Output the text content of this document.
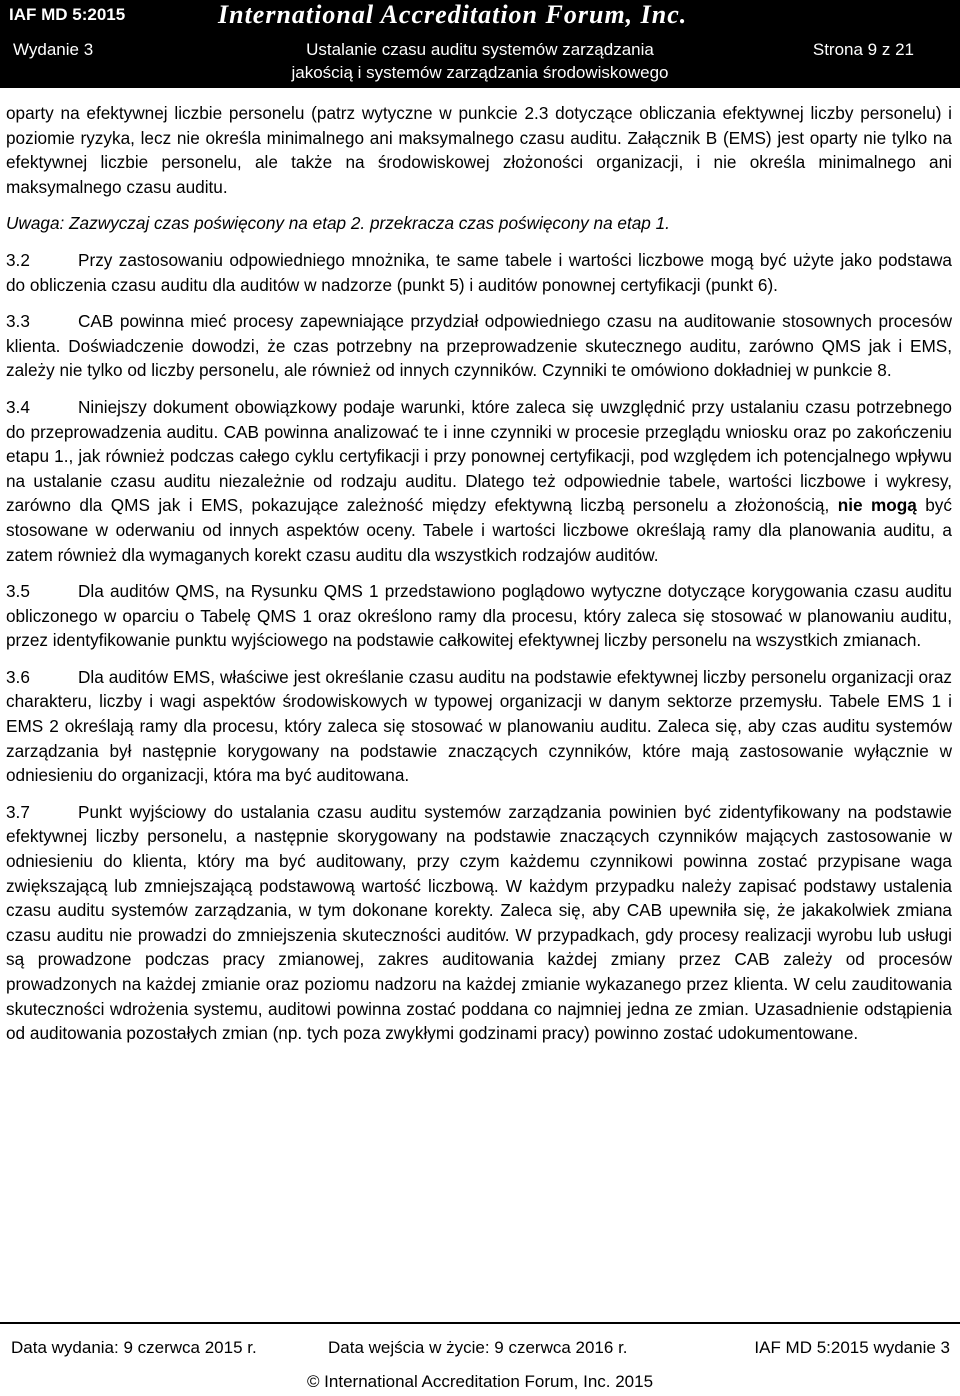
IAF MD 5:2015	International Accreditation Forum, Inc.
Wydanie 3	Ustalanie czasu auditu systemów zarządzania
jakością i systemów zarządzania środowiskowego
Strona 9 z 21

oparty na efektywnej liczbie personelu (patrz wytyczne w punkcie 2.3 dotyczące obliczania efektywnej liczby personelu) i poziomie ryzyka, lecz nie określa minimalnego ani maksymalnego czasu auditu. Załącznik B (EMS) jest oparty nie tylko na efektywnej liczbie personelu, ale także na środowiskowej złożoności organizacji, i nie określa minimalnego ani maksymalnego czasu auditu.

Uwaga: Zazwyczaj czas poświęcony na etap 2. przekracza czas poświęcony na etap 1.

3.2	Przy zastosowaniu odpowiedniego mnożnika, te same tabele i wartości liczbowe mogą być użyte jako podstawa do obliczenia czasu auditu dla auditów w nadzorze (punkt 5) i auditów ponownej certyfikacji (punkt 6).

3.3	CAB powinna mieć procesy zapewniające przydział odpowiedniego czasu na auditowanie stosownych procesów klienta. Doświadczenie dowodzi, że czas potrzebny na przeprowadzenie skutecznego auditu, zarówno QMS jak i EMS, zależy nie tylko od liczby personelu, ale również od innych czynników. Czynniki te omówiono dokładniej w punkcie 8.

3.4	Niniejszy dokument obowiązkowy podaje warunki, które zaleca się uwzględnić przy ustalaniu czasu potrzebnego do przeprowadzenia auditu. CAB powinna analizować te i inne czynniki w procesie przeglądu wniosku oraz po zakończeniu etapu 1., jak również podczas całego cyklu certyfikacji i przy ponownej certyfikacji, pod względem ich potencjalnego wpływu na ustalanie czasu auditu niezależnie od rodzaju auditu. Dlatego też odpowiednie tabele, wartości liczbowe i wykresy, zarówno dla QMS jak i EMS, pokazujące zależność między efektywną liczbą personelu a złożonością, nie mogą być stosowane w oderwaniu od innych aspektów oceny. Tabele i wartości liczbowe określają ramy dla planowania auditu, a zatem również dla wymaganych korekt czasu auditu dla wszystkich rodzajów auditów.

3.5	Dla auditów QMS, na Rysunku QMS 1 przedstawiono poglądowo wytyczne dotyczące korygowania czasu auditu obliczonego w oparciu o Tabelę QMS 1 oraz określono ramy dla procesu, który zaleca się stosować w planowaniu auditu, przez identyfikowanie punktu wyjściowego na podstawie całkowitej efektywnej liczby personelu na wszystkich zmianach.

3.6	Dla auditów EMS, właściwe jest określanie czasu auditu na podstawie efektywnej liczby personelu organizacji oraz charakteru, liczby i wagi aspektów środowiskowych w typowej organizacji w danym sektorze przemysłu. Tabele EMS 1 i EMS 2 określają ramy dla procesu, który zaleca się stosować w planowaniu auditu. Zaleca się, aby czas auditu systemów zarządzania był następnie korygowany na podstawie znaczących czynników, które mają zastosowanie wyłącznie w odniesieniu do organizacji, która ma być auditowana.

3.7	Punkt wyjściowy do ustalania czasu auditu systemów zarządzania powinien być zidentyfikowany na podstawie efektywnej liczby personelu, a następnie skorygowany na podstawie znaczących czynników mających zastosowanie w odniesieniu do klienta, który ma być auditowany, przy czym każdemu czynnikowi powinna zostać przypisane waga zwiększającą lub zmniejszającą podstawową wartość liczbową. W każdym przypadku należy zapisać podstawy ustalenia czasu auditu systemów zarządzania, w tym dokonane korekty. Zaleca się, aby CAB upewniła się, że jakakolwiek zmiana czasu auditu nie prowadzi do zmniejszenia skuteczności auditów. W przypadkach, gdy procesy realizacji wyrobu lub usługi są prowadzone podczas pracy zmianowej, zakres auditowania każdej zmiany przez CAB zależy od procesów prowadzonych na każdej zmianie oraz poziomu nadzoru na każdej zmianie wykazanego przez klienta. W celu zauditowania skuteczności wdrożenia systemu, auditowi powinna zostać poddana co najmniej jedna ze zmian. Uzasadnienie odstąpienia od auditowania pozostałych zmian (np. tych poza zwykłymi godzinami pracy) powinno zostać udokumentowane.

Data wydania: 9 czerwca 2015 r.	Data wejścia w życie: 9 czerwca 2016 r.	IAF MD 5:2015 wydanie 3
© International Accreditation Forum, Inc. 2015
